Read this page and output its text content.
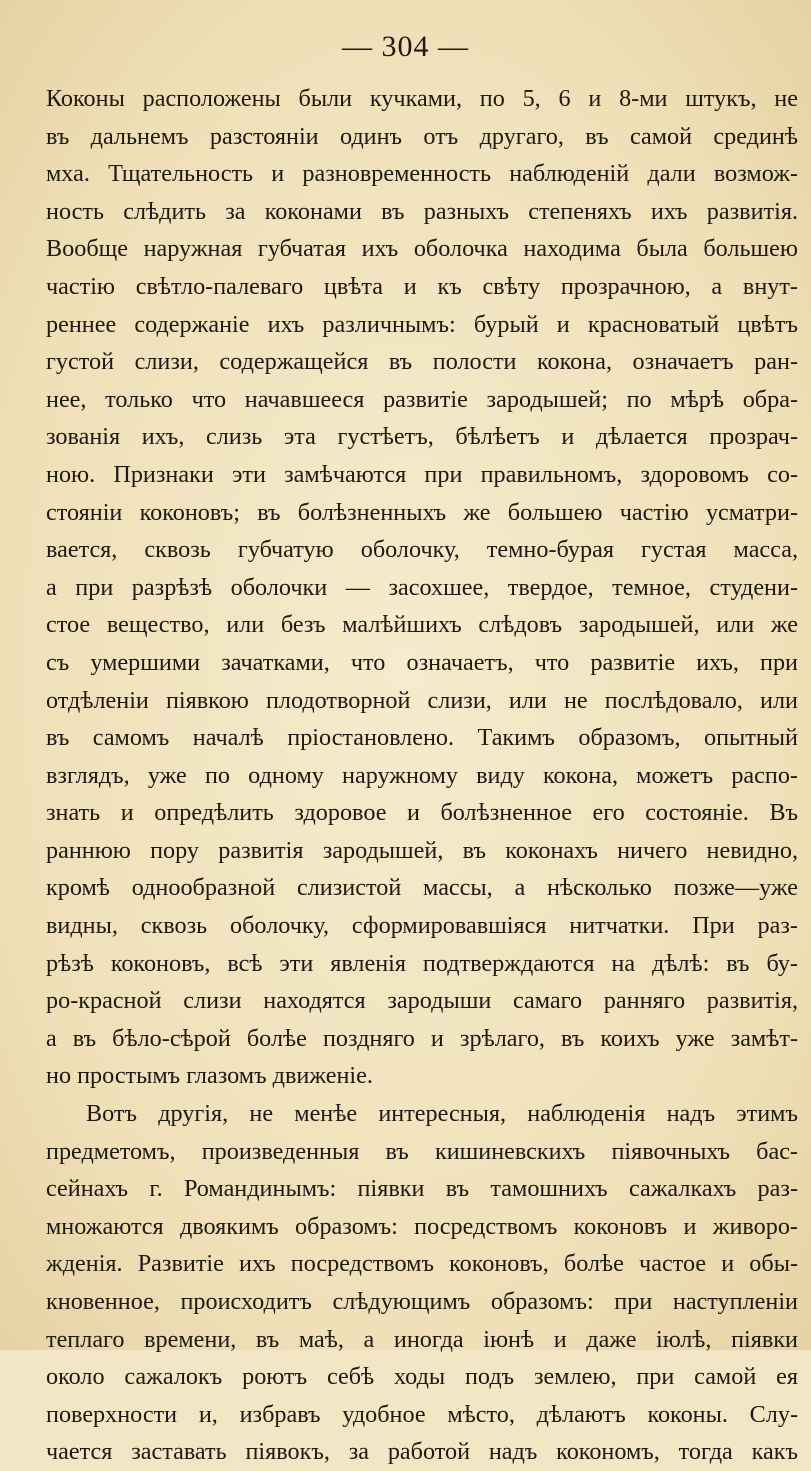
— 304 —
Коконы расположены были кучками, по 5, 6 и 8-ми штукъ, не
въ дальнемъ разстояніи одинъ отъ другаго, въ самой срединѣ
мха. Тщательность и разновременность наблюденій дали возмож-
ность слѣдить за коконами въ разныхъ степеняхъ ихъ развитія.
Вообще наружная губчатая ихъ оболочка находима была большею
частію свѣтло-палеваго цвѣта и къ свѣту прозрачною, а внут-
реннее содержаніе ихъ различнымъ: бурый и красноватый цвѣтъ
густой слизи, содержащейся въ полости кокона, означаетъ ран-
нее, только что начавшееся развитіе зародышей; по мѣрѣ обра-
зованія ихъ, слизь эта густѣетъ, бѣлѣетъ и дѣлается прозрач-
ною. Признаки эти замѣчаются при правильномъ, здоровомъ со-
стояніи коконовъ; въ болѣзненныхъ же большею частію усматри-
вается, сквозь губчатую оболочку, темно-бурая густая масса,
а при разрѣзѣ оболочки — засохшее, твердое, темное, студени-
стое вещество, или безъ малѣйшихъ слѣдовъ зародышей, или же
съ умершими зачатками, что означаетъ, что развитіе ихъ, при
отдѣленіи піявкою плодотворной слизи, или не послѣдовало, или
въ самомъ началѣ пріостановлено. Такимъ образомъ, опытный
взглядъ, уже по одному наружному виду кокона, можетъ распо-
знать и опредѣлить здоровое и болѣзненное его состояніе. Въ
раннюю пору развитія зародышей, въ коконахъ ничего невидно,
кромѣ однообразной слизистой массы, а нѣсколько позже—уже
видны, сквозь оболочку, сформировавшіяся нитчатки. При раз-
рѣзѣ коконовъ, всѣ эти явленія подтверждаются на дѣлѣ: въ бу-
ро-красной слизи находятся зародыши самаго ранняго развитія,
а въ бѣло-сѣрой болѣе поздняго и зрѣлаго, въ коихъ уже замѣт-
но простымъ глазомъ движеніе.
Вотъ другія, не менѣе интересныя, наблюденія надъ этимъ
предметомъ, произведенныя въ кишиневскихъ піявочныхъ бас-
сейнахъ г. Романдинымъ: піявки въ тамошнихъ сажалкахъ раз-
множаются двоякимъ образомъ: посредствомъ коконовъ и живоро-
жденія. Развитіе ихъ посредствомъ коконовъ, болѣе частое и обы-
кновенное, происходитъ слѣдующимъ образомъ: при наступленіи
теплаго времени, въ маѣ, а иногда іюнѣ и даже іюлѣ, піявки
около сажалокъ роютъ себѣ ходы подъ землею, при самой ея
поверхности и, избравъ удобное мѣсто, дѣлаютъ коконы. Слу-
чается заставать піявокъ, за работой надъ кокономъ, тогда какъ
